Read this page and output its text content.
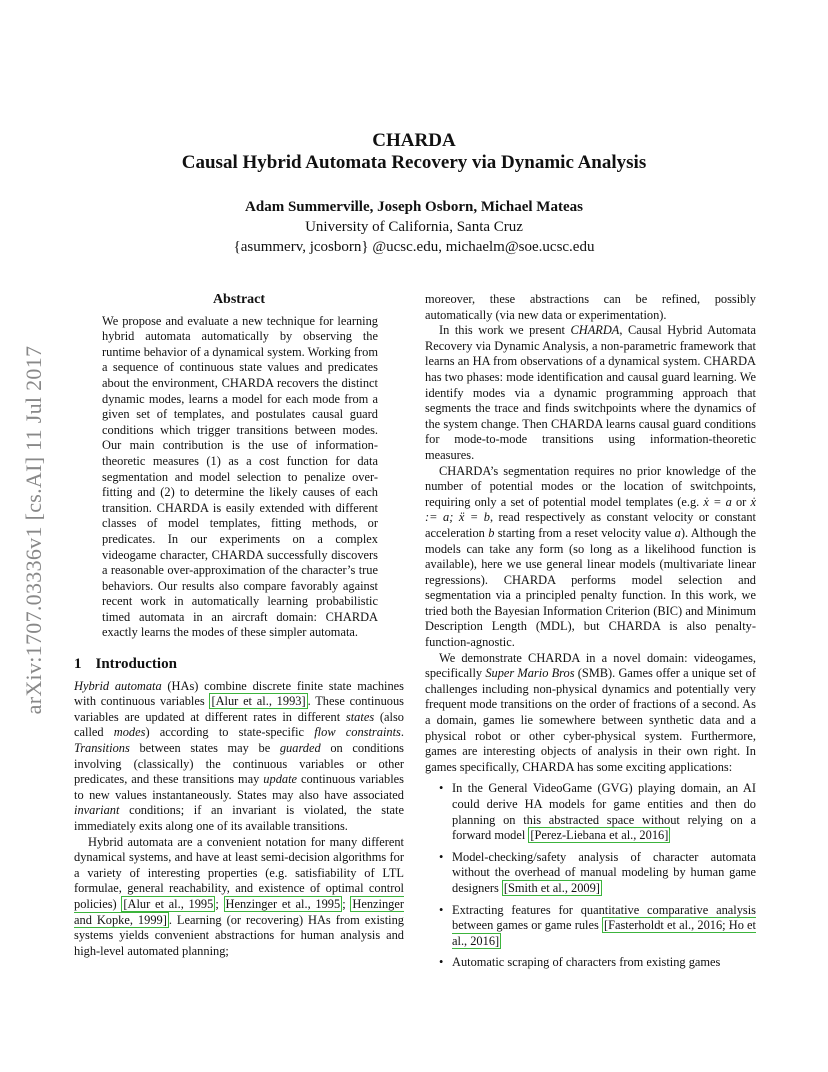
arXiv:1707.03336v1 [cs.AI] 11 Jul 2017
CHARDA
Causal Hybrid Automata Recovery via Dynamic Analysis
Adam Summerville, Joseph Osborn, Michael Mateas
University of California, Santa Cruz
{asummerv, jcosborn} @ucsc.edu, michaelm@soe.ucsc.edu
Abstract

We propose and evaluate a new technique for learning hybrid automata automatically by observing the runtime behavior of a dynamical system. Working from a sequence of continuous state values and predicates about the environment, CHARDA recovers the distinct dynamic modes, learns a model for each mode from a given set of templates, and postulates causal guard conditions which trigger transitions between modes. Our main contribution is the use of information-theoretic measures (1) as a cost function for data segmentation and model selection to penalize over-fitting and (2) to determine the likely causes of each transition. CHARDA is easily extended with different classes of model templates, fitting methods, or predicates. In our experiments on a complex videogame character, CHARDA successfully discovers a reasonable over-approximation of the character’s true behaviors. Our results also compare favorably against recent work in automatically learning probabilistic timed automata in an aircraft domain: CHARDA exactly learns the modes of these simpler automata.

1 Introduction

Hybrid automata (HAs) combine discrete finite state machines with continuous variables [Alur et al., 1993] . These continuous variables are updated at different rates in different states (also called modes) according to state-specific flow constraints. Transitions between states may be guarded on conditions involving (classically) the continuous variables or other predicates, and these transitions may update continuous variables to new values instantaneously. States may also have associated invariant conditions; if an invariant is violated, the state immediately exits along one of its available transitions.

Hybrid automata are a convenient notation for many different dynamical systems, and have at least semi-decision algorithms for a variety of interesting properties (e.g. satisfiability of LTL formulae, general reachability, and existence of optimal control policies) [Alur et al., 1995 ; Henzinger et al., 1995 ; Henzinger and Kopke, 1999] . Learning (or recovering) HAs from existing systems yields convenient abstractions for human analysis and high-level automated planning;

moreover, these abstractions can be refined, possibly automatically (via new data or experimentation).

In this work we present CHARDA, Causal Hybrid Automata Recovery via Dynamic Analysis, a non-parametric framework that learns an HA from observations of a dynamical system. CHARDA has two phases: mode identification and causal guard learning. We identify modes via a dynamic programming approach that segments the trace and finds switchpoints where the dynamics of the system change. Then CHARDA learns causal guard conditions for mode-to-mode transitions using information-theoretic measures.

CHARDA’s segmentation requires no prior knowledge of the number of potential modes or the location of switchpoints, requiring only a set of potential model templates (e.g. ẋ = a or ẋ := a; ẍ = b, read respectively as constant velocity or constant acceleration b starting from a reset velocity value a). Although the models can take any form (so long as a likelihood function is available), here we use general linear models (multivariate linear regressions). CHARDA performs model selection and segmentation via a principled penalty function. In this work, we tried both the Bayesian Information Criterion (BIC) and Minimum Description Length (MDL), but CHARDA is also penalty-function-agnostic.

We demonstrate CHARDA in a novel domain: videogames, specifically Super Mario Bros (SMB). Games offer a unique set of challenges including non-physical dynamics and potentially very frequent mode transitions on the order of fractions of a second. As a domain, games lie somewhere between synthetic data and a physical robot or other cyber-physical system. Furthermore, games are interesting objects of analysis in their own right. In games specifically, CHARDA has some exciting applications:

• In the General VideoGame (GVG) playing domain, an AI could derive HA models for game entities and then do planning on this abstracted space without relying on a forward model [Perez-Liebana et al., 2016]
• Model-checking/safety analysis of character automata without the overhead of manual modeling by human game designers [Smith et al., 2009]
• Extracting features for quantitative comparative analysis between games or game rules [Fasterholdt et al., 2016; Ho et al., 2016]
• Automatic scraping of characters from existing games
